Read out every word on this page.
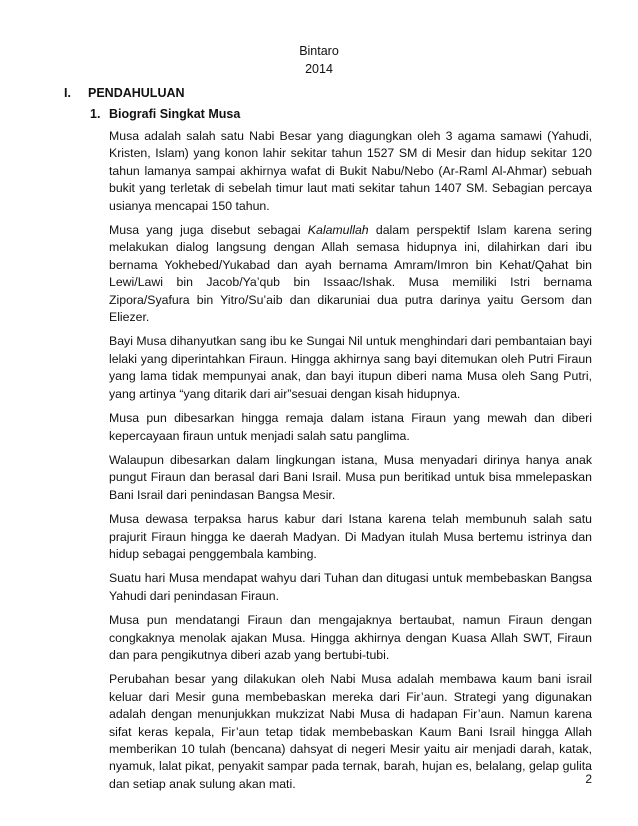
Bintaro
2014
I. PENDAHULUAN
1. Biografi Singkat Musa

Musa adalah salah satu Nabi Besar yang diagungkan oleh 3 agama samawi (Yahudi, Kristen, Islam) yang konon lahir sekitar tahun 1527 SM di Mesir dan hidup sekitar 120 tahun lamanya sampai akhirnya wafat di Bukit Nabu/Nebo (Ar-Raml Al-Ahmar) sebuah bukit yang terletak di sebelah timur laut mati sekitar tahun 1407 SM. Sebagian percaya usianya mencapai 150 tahun.

Musa yang juga disebut sebagai Kalamullah dalam perspektif Islam karena sering melakukan dialog langsung dengan Allah semasa hidupnya ini, dilahirkan dari ibu bernama Yokhebed/Yukabad dan ayah bernama Amram/Imron bin Kehat/Qahat bin Lewi/Lawi bin Jacob/Ya’qub bin Issaac/Ishak. Musa memiliki Istri bernama Zipora/Syafura bin Yitro/Su’aib dan dikaruniai dua putra darinya yaitu Gersom dan Eliezer.

Bayi Musa dihanyutkan sang ibu ke Sungai Nil untuk menghindari dari pembantaian bayi lelaki yang diperintahkan Firaun. Hingga akhirnya sang bayi ditemukan oleh Putri Firaun yang lama tidak mempunyai anak, dan bayi itupun diberi nama Musa oleh Sang Putri, yang artinya “yang ditarik dari air”sesuai dengan kisah hidupnya.

Musa pun dibesarkan hingga remaja dalam istana Firaun yang mewah dan diberi kepercayaan firaun untuk menjadi salah satu panglima.

Walaupun dibesarkan dalam lingkungan istana, Musa menyadari dirinya hanya anak pungut Firaun dan berasal dari Bani Israil. Musa pun beritikad untuk bisa mmelepaskan Bani Israil dari penindasan Bangsa Mesir.

Musa dewasa terpaksa harus kabur dari Istana karena telah membunuh salah satu prajurit Firaun hingga ke daerah Madyan. Di Madyan itulah Musa bertemu istrinya dan hidup sebagai penggembala kambing.

Suatu hari Musa mendapat wahyu dari Tuhan dan ditugasi untuk membebaskan Bangsa Yahudi dari penindasan Firaun.

Musa pun mendatangi Firaun dan mengajaknya bertaubat, namun Firaun dengan congkaknya menolak ajakan Musa. Hingga akhirnya dengan Kuasa Allah SWT, Firaun dan para pengikutnya diberi azab yang bertubi-tubi.

Perubahan besar yang dilakukan oleh Nabi Musa adalah membawa kaum bani israil keluar dari Mesir guna membebaskan mereka dari Fir’aun. Strategi yang digunakan adalah dengan menunjukkan mukzizat Nabi Musa di hadapan Fir’aun. Namun karena sifat keras kepala, Fir’aun tetap tidak membebaskan Kaum Bani Israil hingga Allah memberikan 10 tulah (bencana) dahsyat di negeri Mesir yaitu air menjadi darah, katak, nyamuk, lalat pikat, penyakit sampar pada ternak, barah, hujan es, belalang, gelap gulita dan setiap anak sulung akan mati.	2
